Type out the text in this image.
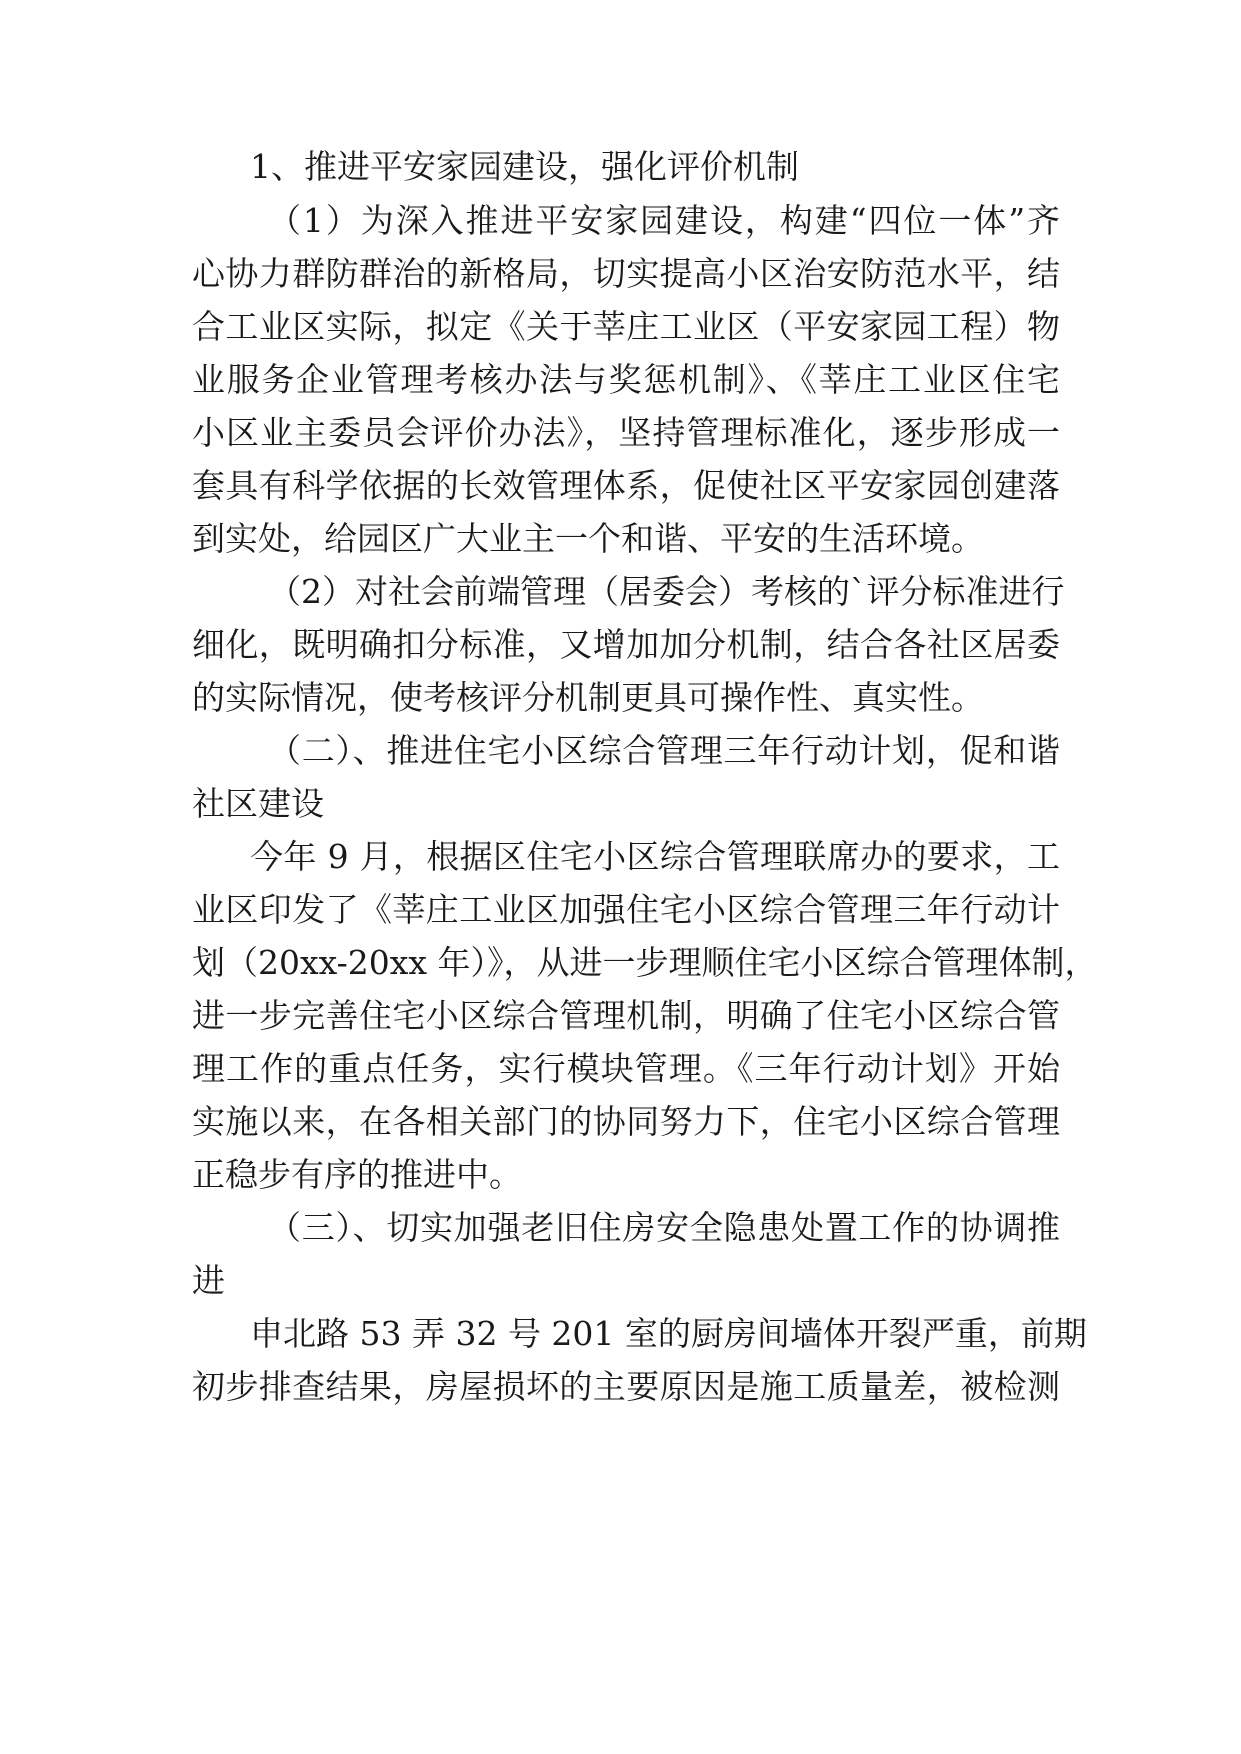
1、推进平安家园建设，强化评价机制
（1）为深入推进平安家园建设，构建“四位一体”齐
心协力群防群治的新格局，切实提高小区治安防范水平，结
合工业区实际，拟定《关于莘庄工业区（平安家园工程）物
业服务企业管理考核办法与奖惩机制》、《莘庄工业区住宅
小区业主委员会评价办法》，坚持管理标准化，逐步形成一
套具有科学依据的长效管理体系，促使社区平安家园创建落
到实处，给园区广大业主一个和谐、平安的生活环境。
（2）对社会前端管理（居委会）考核的`评分标准进行
细化，既明确扣分标准，又增加加分机制，结合各社区居委
的实际情况，使考核评分机制更具可操作性、真实性。
（二）、推进住宅小区综合管理三年行动计划，促和谐
社区建设
今年 9 月，根据区住宅小区综合管理联席办的要求，工
业区印发了《莘庄工业区加强住宅小区综合管理三年行动计
划（20xx-20xx 年）》，从进一步理顺住宅小区综合管理体制，
进一步完善住宅小区综合管理机制，明确了住宅小区综合管
理工作的重点任务，实行模块管理。《三年行动计划》开始
实施以来，在各相关部门的协同努力下，住宅小区综合管理
正稳步有序的推进中。
（三）、切实加强老旧住房安全隐患处置工作的协调推
进
申北路 53 弄 32 号 201 室的厨房间墙体开裂严重，前期
初步排查结果，房屋损坏的主要原因是施工质量差，被检测
